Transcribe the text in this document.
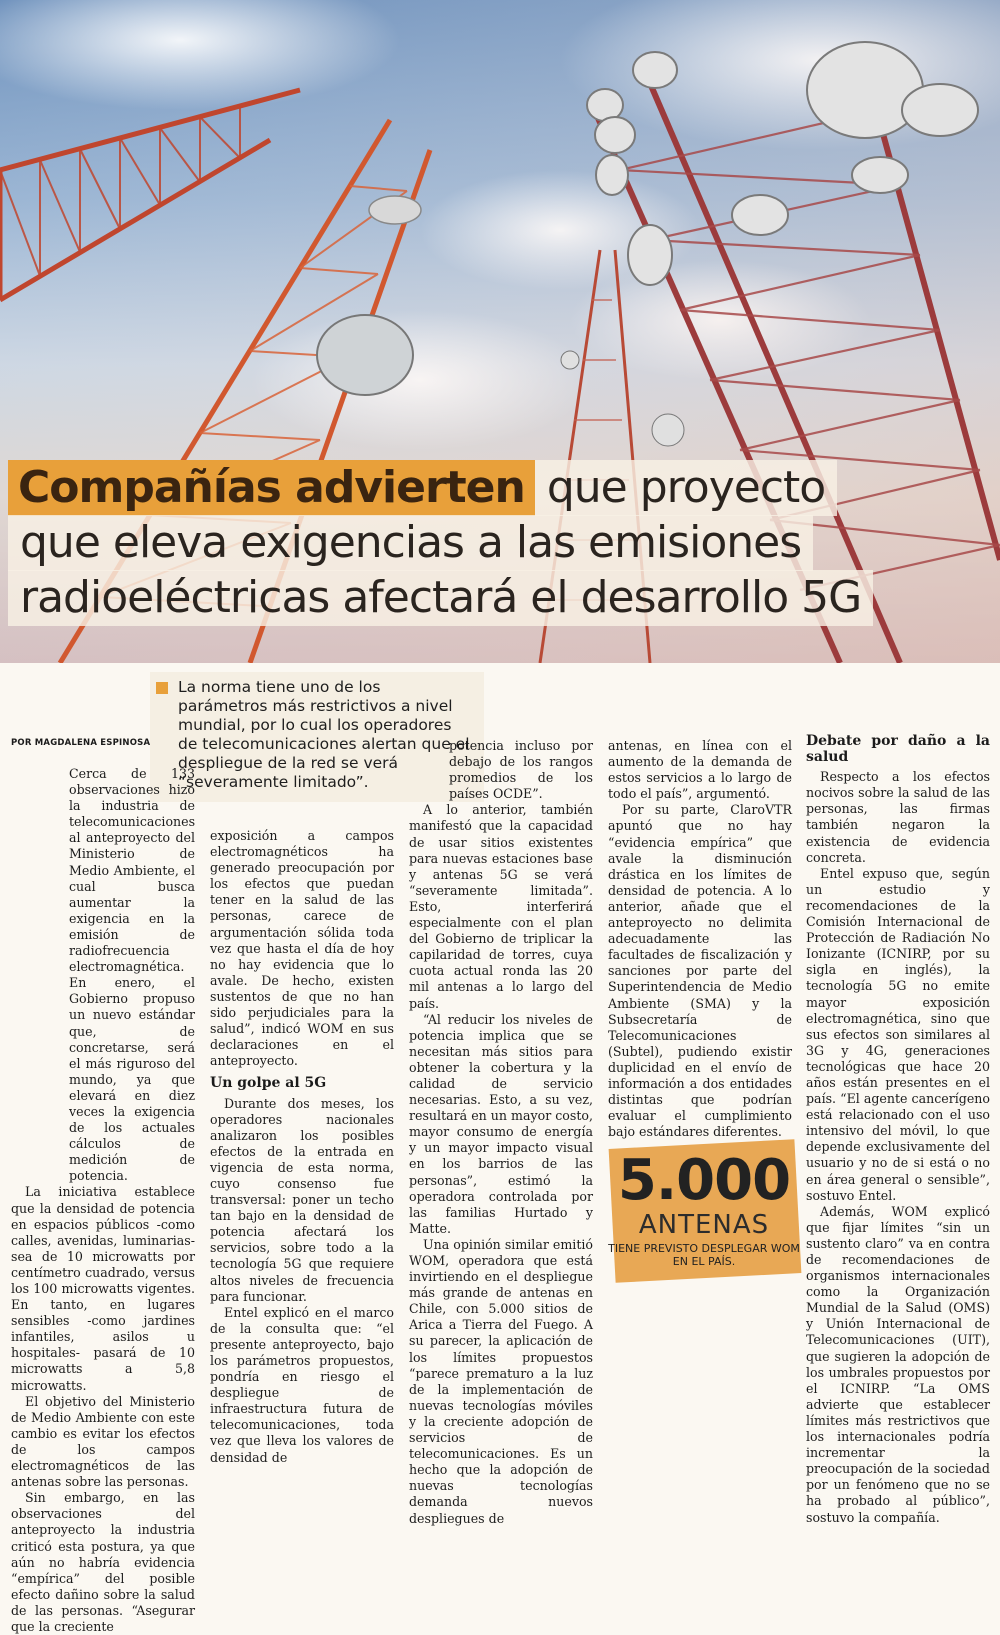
Compañías advierten que proyecto
que eleva exigencias a las emisiones
radioeléctricas afectará el desarrollo 5G
La norma tiene uno de los parámetros más restrictivos a nivel mundial, por lo cual los operadores de telecomunicaciones alertan que el despliegue de la red se verá “severamente limitado”.
POR MAGDALENA ESPINOSA

Cerca de 133 observaciones hizo la industria de telecomunicaciones al anteproyecto del Ministerio de Medio Ambiente, el cual busca aumentar la exigencia en la emisión de radiofrecuencia electromagnética. En enero, el Gobierno propuso un nuevo estándar que, de concretarse, será el más riguroso del mundo, ya que elevará en diez veces la exigencia de los actuales cálculos de medición de potencia.

La iniciativa establece que la densidad de potencia en espacios públicos -como calles, avenidas, luminarias- sea de 10 microwatts por centímetro cuadrado, versus los 100 microwatts vigentes. En tanto, en lugares sensibles -como jardines infantiles, asilos u hospitales- pasará de 10 microwatts a 5,8 microwatts.

El objetivo del Ministerio de Medio Ambiente con este cambio es evitar los efectos de los campos electromagnéticos de las antenas sobre las personas.

Sin embargo, en las observaciones del anteproyecto la industria criticó esta postura, ya que aún no habría evidencia “empírica” del posible efecto dañino sobre la salud de las personas. “Asegurar que la creciente

exposición a campos electromagnéticos ha generado preocupación por los efectos que puedan tener en la salud de las personas, carece de argumentación sólida toda vez que hasta el día de hoy no hay evidencia que lo avale. De hecho, existen sustentos de que no han sido perjudiciales para la salud”, indicó WOM en sus declaraciones en el anteproyecto.

Un golpe al 5G

Durante dos meses, los operadores nacionales analizaron los posibles efectos de la entrada en vigencia de esta norma, cuyo consenso fue transversal: poner un techo tan bajo en la densidad de potencia afectará los servicios, sobre todo a la tecnología 5G que requiere altos niveles de frecuencia para funcionar.

Entel explicó en el marco de la consulta que: “el presente anteproyecto, bajo los parámetros propuestos, pondría en riesgo el despliegue de infraestructura futura de telecomunicaciones, toda vez que lleva los valores de densidad de

potencia incluso por debajo de los rangos promedios de los países OCDE”.

A lo anterior, también manifestó que la capacidad de usar sitios existentes para nuevas estaciones base y antenas 5G se verá “severamente limitada”. Esto, interferirá especialmente con el plan del Gobierno de triplicar la capilaridad de torres, cuya cuota actual ronda las 20 mil antenas a lo largo del país.

“Al reducir los niveles de potencia implica que se necesitan más sitios para obtener la cobertura y la calidad de servicio necesarias. Esto, a su vez, resultará en un mayor costo, mayor consumo de energía y un mayor impacto visual en los barrios de las personas”, estimó la operadora controlada por las familias Hurtado y Matte.

Una opinión similar emitió WOM, operadora que está invirtiendo en el despliegue más grande de antenas en Chile, con 5.000 sitios de Arica a Tierra del Fuego. A su parecer, la aplicación de los límites propuestos “parece prematuro a la luz de la implementación de nuevas tecnologías móviles y la creciente adopción de servicios de telecomunicaciones. Es un hecho que la adopción de nuevas tecnologías demanda nuevos despliegues de

antenas, en línea con el aumento de la demanda de estos servicios a lo largo de todo el país”, argumentó.

Por su parte, ClaroVTR apuntó que no hay “evidencia empírica” que avale la disminución drástica en los límites de densidad de potencia. A lo anterior, añade que el anteproyecto no delimita adecuadamente las facultades de fiscalización y sanciones por parte del Superintendencia de Medio Ambiente (SMA) y la Subsecretaría de Telecomunicaciones (Subtel), pudiendo existir duplicidad en el envío de información a dos entidades distintas que podrían evaluar el cumplimiento bajo estándares diferentes.

Debate por daño a la salud

Respecto a los efectos nocivos sobre la salud de las personas, las firmas también negaron la existencia de evidencia concreta.

Entel expuso que, según un estudio y recomendaciones de la Comisión Internacional de Protección de Radiación No Ionizante (ICNIRP, por su sigla en inglés), la tecnología 5G no emite mayor exposición electromagnética, sino que sus efectos son similares al 3G y 4G, generaciones tecnológicas que hace 20 años están presentes en el país. “El agente cancerígeno está relacionado con el uso intensivo del móvil, lo que depende exclusivamente del usuario y no de si está o no en área general o sensible”, sostuvo Entel.

Además, WOM explicó que fijar límites “sin un sustento claro” va en contra de recomendaciones de organismos internacionales como la Organización Mundial de la Salud (OMS) y Unión Internacional de Telecomunicaciones (UIT), que sugieren la adopción de los umbrales propuestos por el ICNIRP. “La OMS advierte que establecer límites más restrictivos que los internacionales podría incrementar la preocupación de la sociedad por un fenómeno que no se ha probado al público”, sostuvo la compañía.

5.000
ANTENAS
TIENE PREVISTO DESPLEGAR WOM EN EL PAÍS.
